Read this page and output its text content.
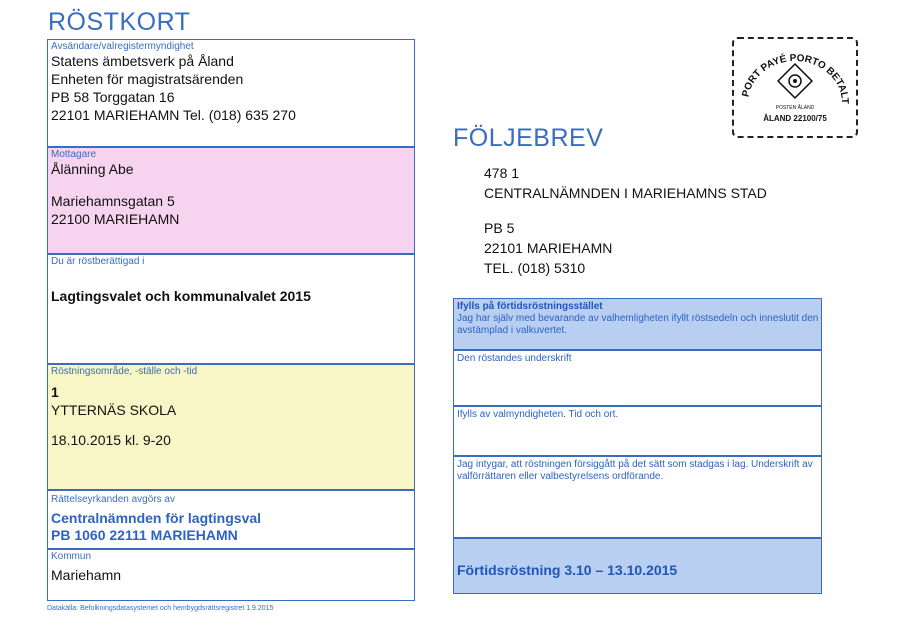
RÖSTKORT
Avsändare/valregistermyndighet
Statens ämbetsverk på Åland
Enheten för magistratsärenden
PB 58 Torggatan 16
22101 MARIEHAMN Tel. (018) 635 270
Mottagare
Ålänning Abe
Mariehamnsgatan 5
22100 MARIEHAMN
Du är röstberättigad i
Lagtingsvalet och kommunalvalet 2015
Röstningsområde, -ställe och -tid
1
YTTERNÄS SKOLA
18.10.2015 kl. 9-20
Rättelseyrkanden avgörs av
Centralnämnden för lagtingsval
PB 1060 22111 MARIEHAMN
Kommun
Mariehamn
Datakälla: Befolkningsdatasystemet och hembygdsrättsregistret 1.9.2015
FÖLJEBREV
478 1
CENTRALNÄMNDEN I MARIEHAMNS STAD
PB 5
22101 MARIEHAMN
TEL. (018) 5310
Ifylls på förtidsröstningsstället
Jag har själv med bevarande av valhemligheten ifyllt röstsedeln och inneslutit den avstämplad i valkuvertet.
Den röstandes underskrift
Ifylls av valmyndigheten. Tid och ort.
Jag intygar, att röstningen försiggått på det sätt som stadgas i lag. Underskrift av valförrättaren eller valbestyrelsens ordförande.
Förtidsröstning 3.10 – 13.10.2015
PORT PAYÉ PORTO BETALT
POSTEN ÅLAND
ÅLAND 22100/75
